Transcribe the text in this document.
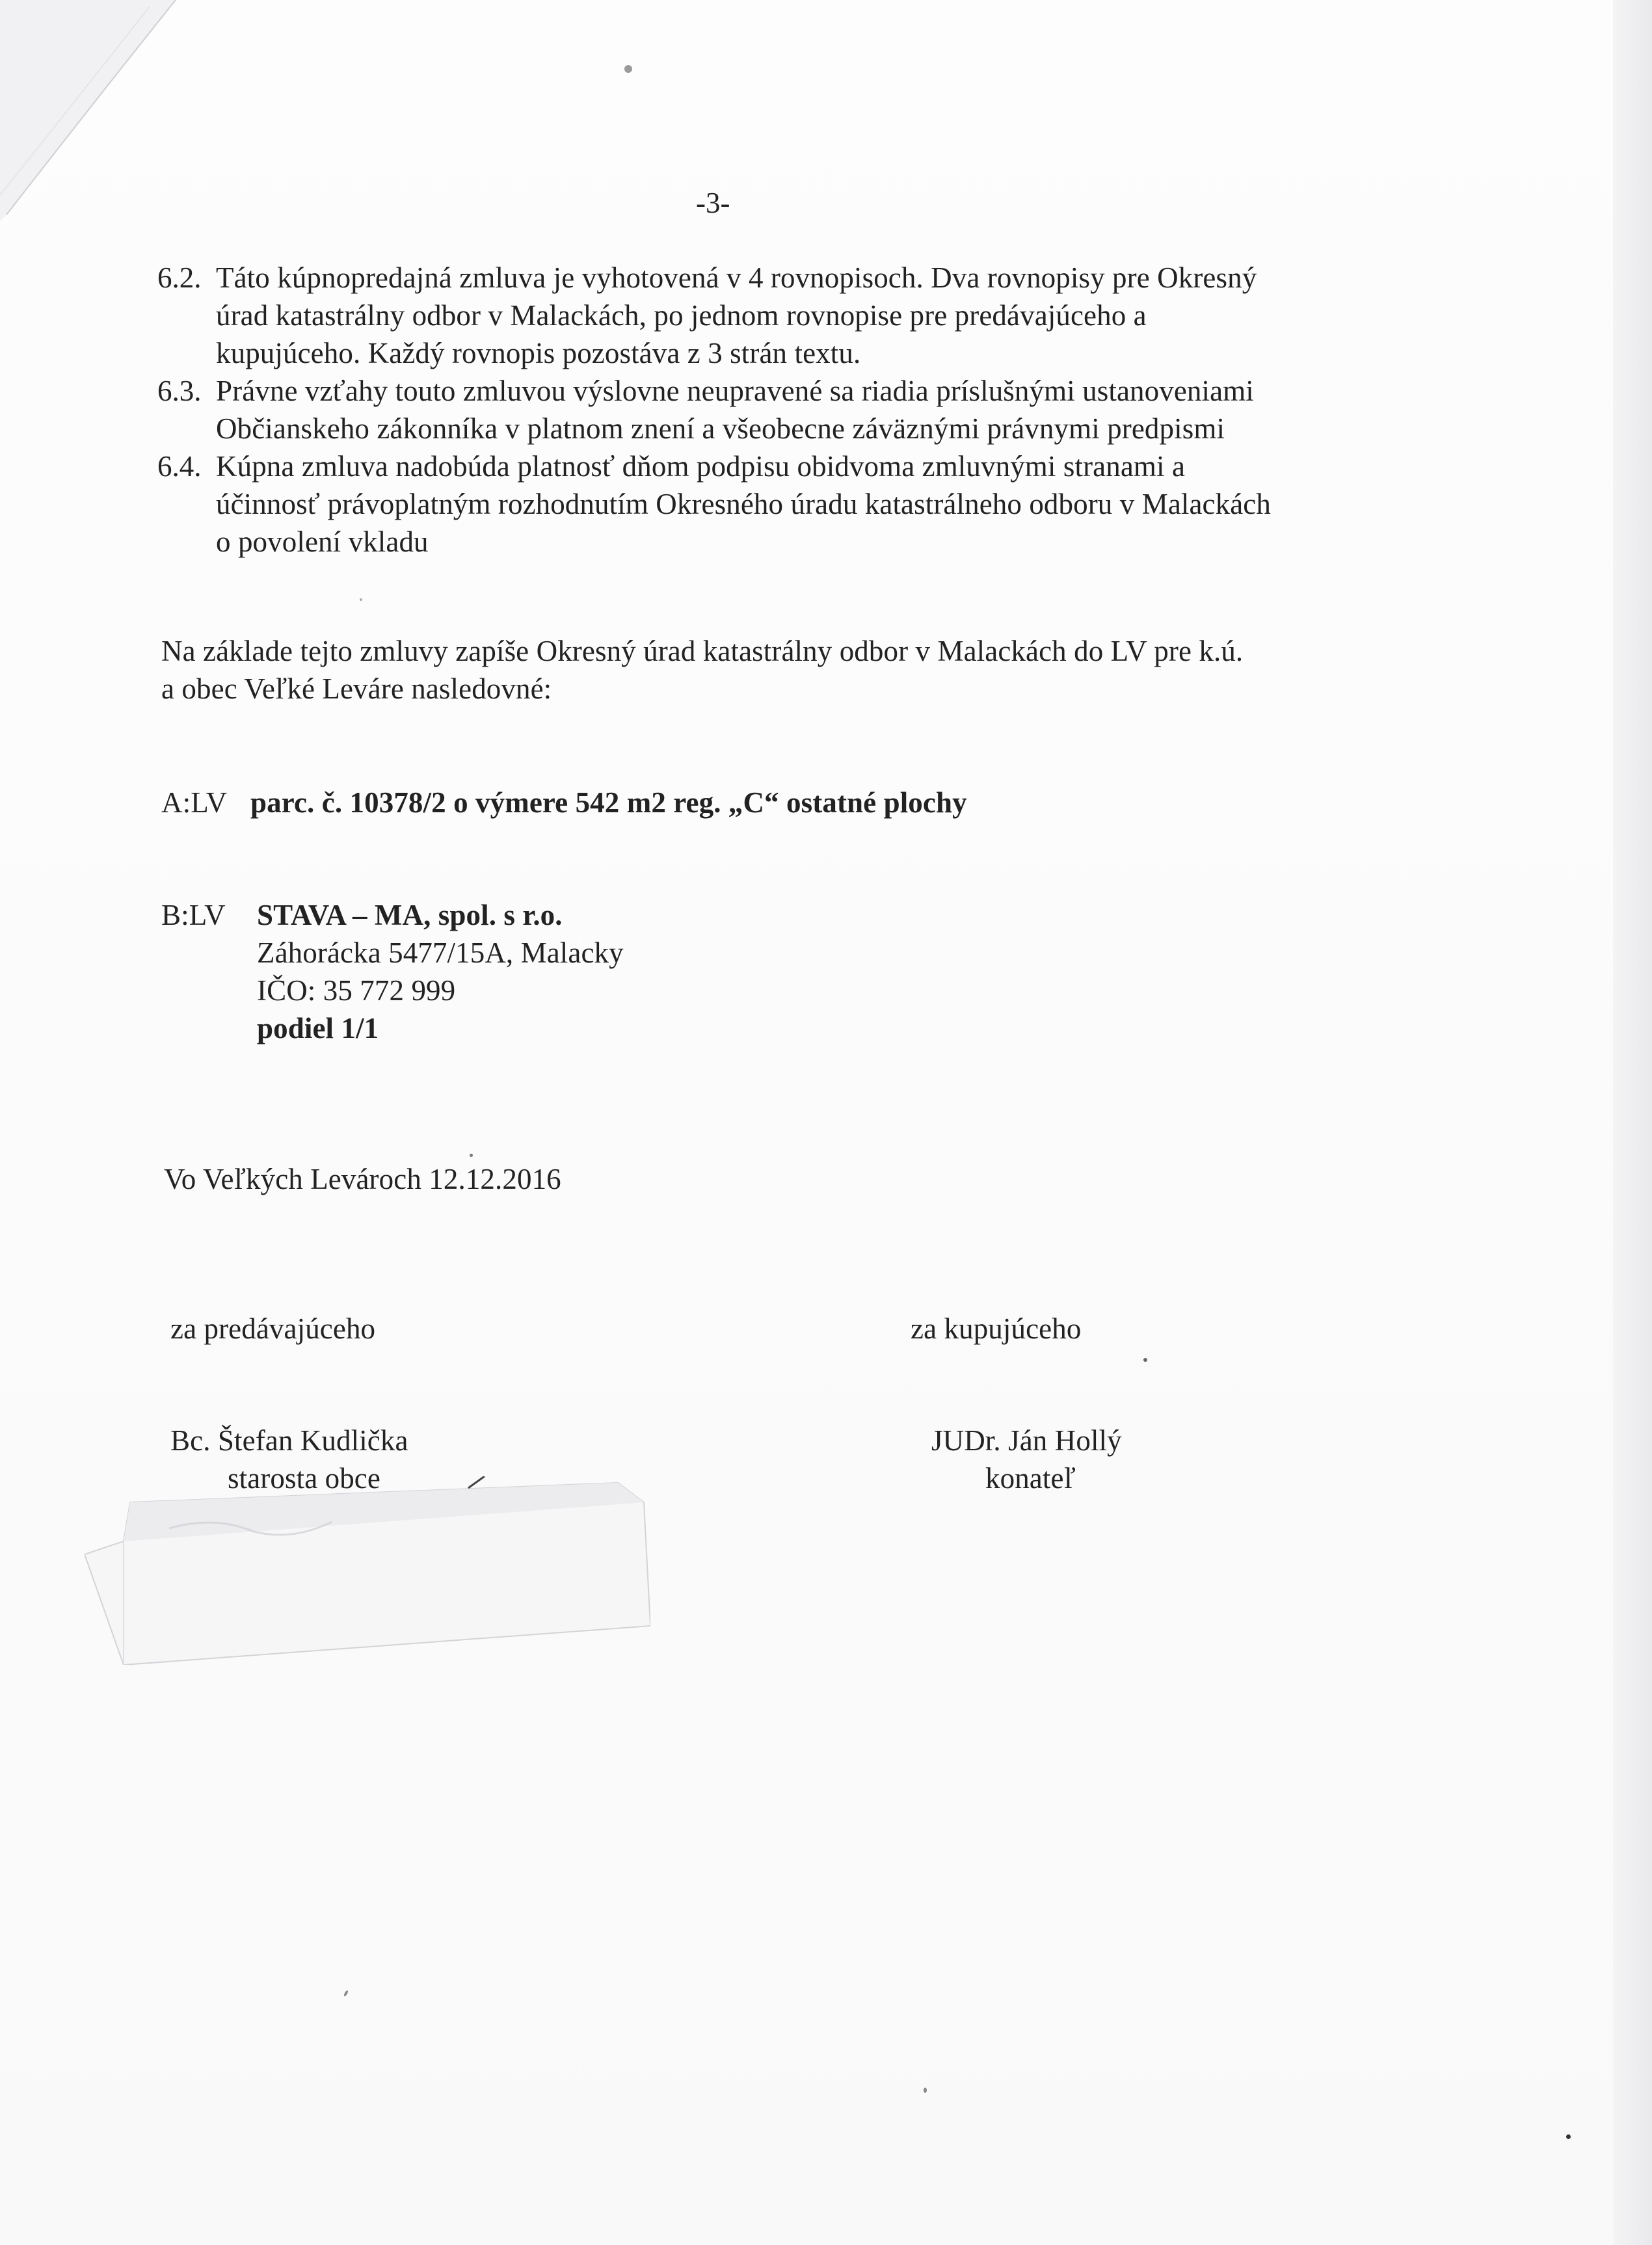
-3-
6.2. Táto kúpnopredajná zmluva je vyhotovená v 4 rovnopisoch. Dva rovnopisy pre Okresný
úrad katastrálny odbor v Malackách, po jednom rovnopise pre predávajúceho a
kupujúceho. Každý rovnopis pozostáva z 3 strán textu.
6.3. Právne vzťahy touto zmluvou výslovne neupravené sa riadia príslušnými ustanoveniami
Občianskeho zákonníka v platnom znení a všeobecne záväznými právnymi predpismi
6.4. Kúpna zmluva nadobúda platnosť dňom podpisu obidvoma zmluvnými stranami a
účinnosť právoplatným rozhodnutím Okresného úradu katastrálneho odboru v Malackách
o povolení vkladu
Na základe tejto zmluvy zapíše Okresný úrad katastrálny odbor v Malackách do LV pre k.ú.
a obec Veľké Leváre nasledovné:
A:LV parc. č. 10378/2 o výmere 542 m2 reg. „C“ ostatné plochy
B:LV STAVA – MA, spol. s r.o.
Záhorácka 5477/15A, Malacky
IČO: 35 772 999
podiel 1/1
Vo Veľkých Levároch 12.12.2016
za predávajúceho	za kupujúceho
Bc. Štefan Kudlička
starosta obce
JUDr. Ján Hollý
konateľ
